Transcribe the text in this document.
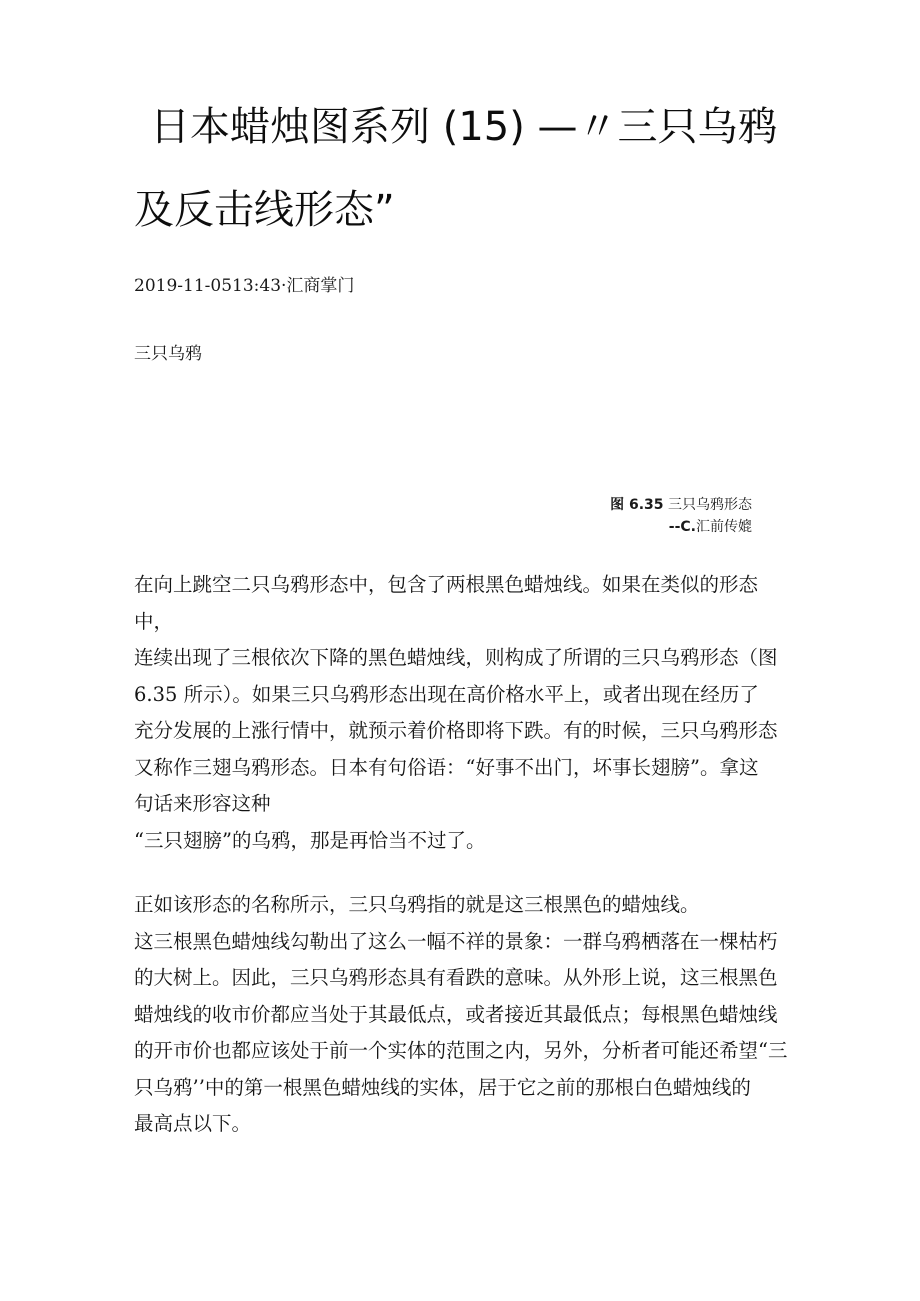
日本蜡烛图系列 (15) —〃三只乌鸦
及反击线形态”
2019-11-0513:43·汇商掌门
三只乌鸦
图 6.35 三只乌鸦形态
--C.汇前传媲

在向上跳空二只乌鸦形态中，包含了两根黑色蜡烛线。如果在类似的形态中，

连续出现了三根依次下降的黑色蜡烛线，则构成了所谓的三只乌鸦形态（图

6.35 所示）。如果三只乌鸦形态出现在高价格水平上，或者出现在经历了

充分发展的上涨行情中，就预示着价格即将下跌。有的时候，三只乌鸦形态

又称作三翅乌鸦形态。日本有句俗语：“好事不出门，坏事长翅膀”。拿这

句话来形容这种

“三只翅膀”的乌鸦，那是再恰当不过了。

正如该形态的名称所示，三只乌鸦指的就是这三根黑色的蜡烛线。

这三根黑色蜡烛线勾勒出了这么一幅不祥的景象：一群乌鸦栖落在一棵枯朽

的大树上。因此，三只乌鸦形态具有看跌的意味。从外形上说，这三根黑色

蜡烛线的收市价都应当处于其最低点，或者接近其最低点；每根黑色蜡烛线

的开市价也都应该处于前一个实体的范围之内，另外，分析者可能还希望“三

只乌鸦’’中的第一根黑色蜡烛线的实体，居于它之前的那根白色蜡烛线的

最高点以下。
